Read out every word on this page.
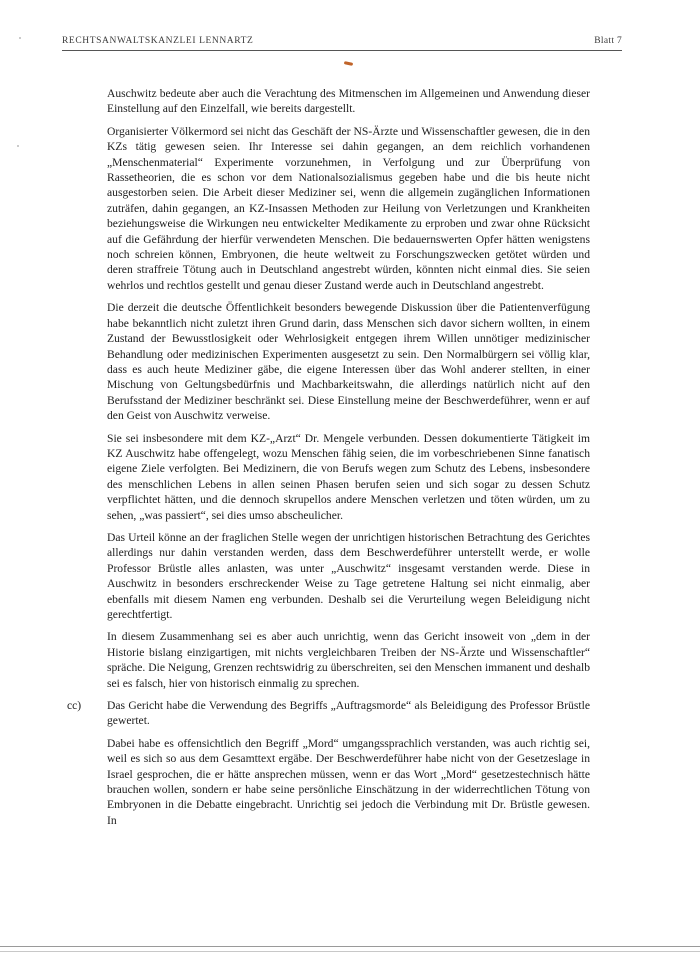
RECHTSANWALTSKANZLEI LENNARTZ	Blatt 7

Auschwitz bedeute aber auch die Verachtung des Mitmenschen im Allgemeinen und Anwendung dieser Einstellung auf den Einzelfall, wie bereits dargestellt.

Organisierter Völkermord sei nicht das Geschäft der NS-Ärzte und Wissenschaftler gewesen, die in den KZs tätig gewesen seien. Ihr Interesse sei dahin gegangen, an dem reichlich vorhandenen „Menschenmaterial“ Experimente vorzunehmen, in Verfolgung und zur Überprüfung von Rassetheorien, die es schon vor dem Nationalsozialismus gegeben habe und die bis heute nicht ausgestorben seien. Die Arbeit dieser Mediziner sei, wenn die allgemein zugänglichen Informationen zuträfen, dahin gegangen, an KZ-Insassen Methoden zur Heilung von Verletzungen und Krankheiten beziehungsweise die Wirkungen neu entwickelter Medikamente zu erproben und zwar ohne Rücksicht auf die Gefährdung der hierfür verwendeten Menschen. Die bedauernswerten Opfer hätten wenigstens noch schreien können, Embryonen, die heute weltweit zu Forschungszwecken getötet würden und deren straffreie Tötung auch in Deutschland angestrebt würden, könnten nicht einmal dies. Sie seien wehrlos und rechtlos gestellt und genau dieser Zustand werde auch in Deutschland angestrebt.

Die derzeit die deutsche Öffentlichkeit besonders bewegende Diskussion über die Patientenverfügung habe bekanntlich nicht zuletzt ihren Grund darin, dass Menschen sich davor sichern wollten, in einem Zustand der Bewusstlosigkeit oder Wehrlosigkeit entgegen ihrem Willen unnötiger medizinischer Behandlung oder medizinischen Experimenten ausgesetzt zu sein. Den Normalbürgern sei völlig klar, dass es auch heute Mediziner gäbe, die eigene Interessen über das Wohl anderer stellten, in einer Mischung von Geltungsbedürfnis und Machbarkeitswahn, die allerdings natürlich nicht auf den Berufsstand der Mediziner beschränkt sei. Diese Einstellung meine der Beschwerdeführer, wenn er auf den Geist von Auschwitz verweise.

Sie sei insbesondere mit dem KZ-„Arzt“ Dr. Mengele verbunden. Dessen dokumentierte Tätigkeit im KZ Auschwitz habe offengelegt, wozu Menschen fähig seien, die im vorbeschriebenen Sinne fanatisch eigene Ziele verfolgten. Bei Medizinern, die von Berufs wegen zum Schutz des Lebens, insbesondere des menschlichen Lebens in allen seinen Phasen berufen seien und sich sogar zu dessen Schutz verpflichtet hätten, und die dennoch skrupellos andere Menschen verletzen und töten würden, um zu sehen, „was passiert“, sei dies umso abscheulicher.

Das Urteil könne an der fraglichen Stelle wegen der unrichtigen historischen Betrachtung des Gerichtes allerdings nur dahin verstanden werden, dass dem Beschwerdeführer unterstellt werde, er wolle Professor Brüstle alles anlasten, was unter „Auschwitz“ insgesamt verstanden werde. Diese in Auschwitz in besonders erschreckender Weise zu Tage getretene Haltung sei nicht einmalig, aber ebenfalls mit diesem Namen eng verbunden. Deshalb sei die Verurteilung wegen Beleidigung nicht gerechtfertigt.

In diesem Zusammenhang sei es aber auch unrichtig, wenn das Gericht insoweit von „dem in der Historie bislang einzigartigen, mit nichts vergleichbaren Treiben der NS-Ärzte und Wissenschaftler“ spräche. Die Neigung, Grenzen rechtswidrig zu überschreiten, sei den Menschen immanent und deshalb sei es falsch, hier von historisch einmalig zu sprechen.

cc) Das Gericht habe die Verwendung des Begriffs „Auftragsmorde“ als Beleidigung des Professor Brüstle gewertet.

Dabei habe es offensichtlich den Begriff „Mord“ umgangssprachlich verstanden, was auch richtig sei, weil es sich so aus dem Gesamttext ergäbe. Der Beschwerdeführer habe nicht von der Gesetzeslage in Israel gesprochen, die er hätte ansprechen müssen, wenn er das Wort „Mord“ gesetzestechnisch hätte brauchen wollen, sondern er habe seine persönliche Einschätzung in der widerrechtlichen Tötung von Embryonen in die Debatte eingebracht. Unrichtig sei jedoch die Verbindung mit Dr. Brüstle gewesen. In
